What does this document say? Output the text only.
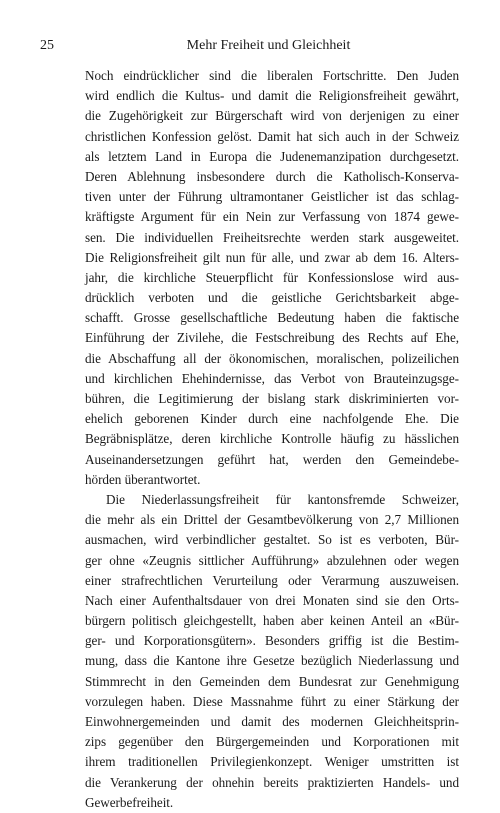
25	Mehr Freiheit und Gleichheit
Noch eindrücklicher sind die liberalen Fortschritte. Den Juden
wird endlich die Kultus- und damit die Religionsfreiheit gewährt,
die Zugehörigkeit zur Bürgerschaft wird von derjenigen zu einer
christlichen Konfession gelöst. Damit hat sich auch in der Schweiz
als letztem Land in Europa die Judenemanzipation durchgesetzt.
Deren Ablehnung insbesondere durch die Katholisch-Konserva-
tiven unter der Führung ultramontaner Geistlicher ist das schlag-
kräftigste Argument für ein Nein zur Verfassung von 1874 gewe-
sen. Die individuellen Freiheitsrechte werden stark ausgeweitet.
Die Religionsfreiheit gilt nun für alle, und zwar ab dem 16. Alters-
jahr, die kirchliche Steuerpflicht für Konfessionslose wird aus-
drücklich verboten und die geistliche Gerichtsbarkeit abge-
schafft. Grosse gesellschaftliche Bedeutung haben die faktische
Einführung der Zivilehe, die Festschreibung des Rechts auf Ehe,
die Abschaffung all der ökonomischen, moralischen, polizeilichen
und kirchlichen Ehehindernisse, das Verbot von Brauteinzugsge-
bühren, die Legitimierung der bislang stark diskriminierten vor-
ehelich geborenen Kinder durch eine nachfolgende Ehe. Die
Begräbnisplätze, deren kirchliche Kontrolle häufig zu hässlichen
Auseinandersetzungen geführt hat, werden den Gemeindebe-
hörden überantwortet.
Die Niederlassungsfreiheit für kantonsfremde Schweizer,
die mehr als ein Drittel der Gesamtbevölkerung von 2,7 Millionen
ausmachen, wird verbindlicher gestaltet. So ist es verboten, Bür-
ger ohne «Zeugnis sittlicher Aufführung» abzulehnen oder wegen
einer strafrechtlichen Verurteilung oder Verarmung auszuweisen.
Nach einer Aufenthaltsdauer von drei Monaten sind sie den Orts-
bürgern politisch gleichgestellt, haben aber keinen Anteil an «Bür-
ger- und Korporationsgütern». Besonders griffig ist die Bestim-
mung, dass die Kantone ihre Gesetze bezüglich Niederlassung und
Stimmrecht in den Gemeinden dem Bundesrat zur Genehmigung
vorzulegen haben. Diese Massnahme führt zu einer Stärkung der
Einwohnergemeinden und damit des modernen Gleichheitsprin-
zips gegenüber den Bürgergemeinden und Korporationen mit
ihrem traditionellen Privilegienkonzept. Weniger umstritten ist
die Verankerung der ohnehin bereits praktizierten Handels- und
Gewerbefreiheit.
